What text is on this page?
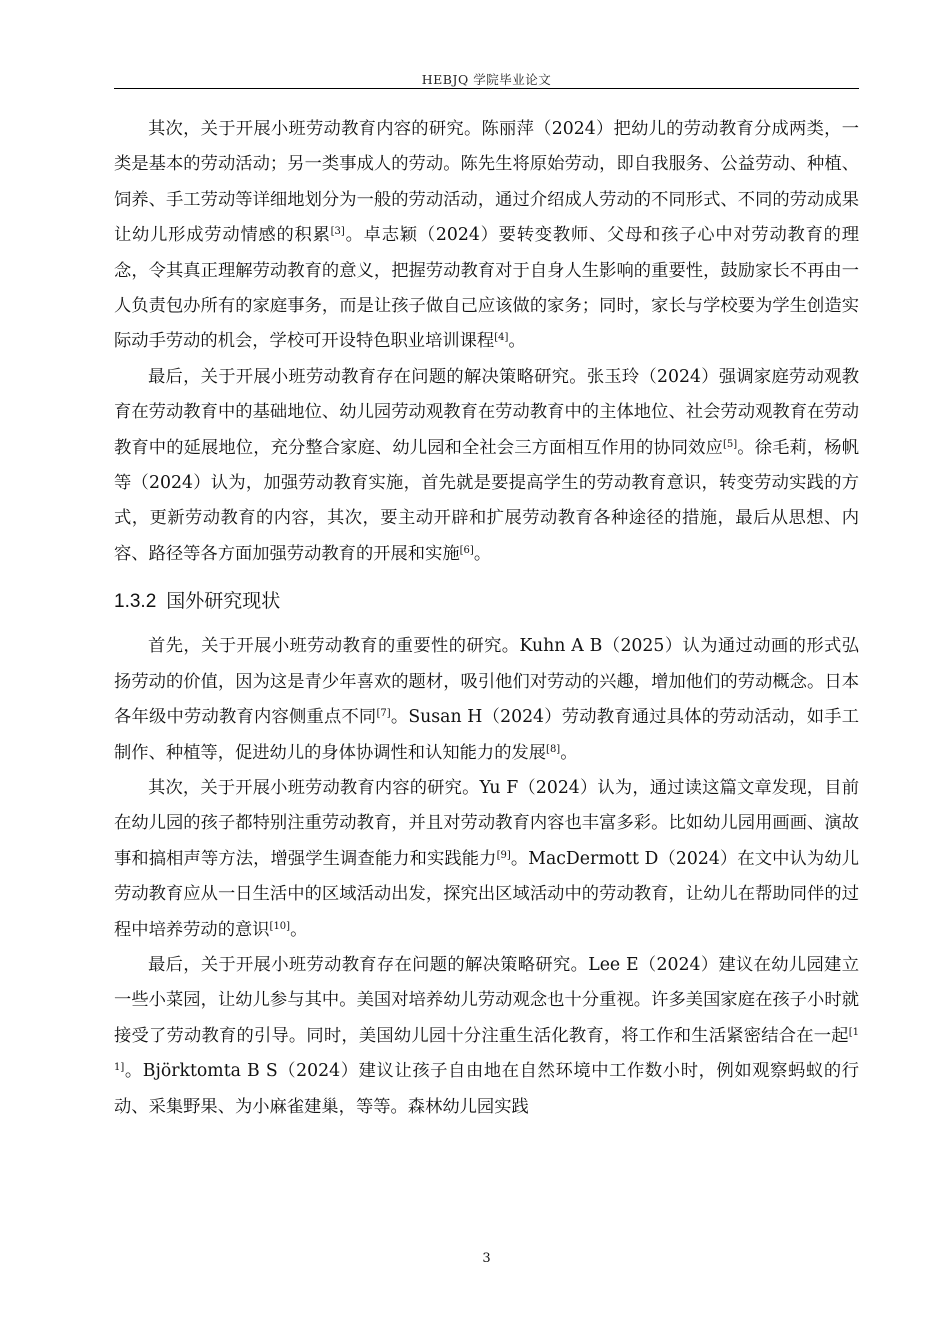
HEBJQ 学院毕业论文

其次，关于开展小班劳动教育内容的研究。陈丽萍（2024）把幼儿的劳动教育分成两类，一类是基本的劳动活动；另一类事成人的劳动。陈先生将原始劳动，即自我服务、公益劳动、种植、饲养、手工劳动等详细地划分为一般的劳动活动，通过介绍成人劳动的不同形式、不同的劳动成果让幼儿形成劳动情感的积累[3]。卓志颖（2024）要转变教师、父母和孩子心中对劳动教育的理念，令其真正理解劳动教育的意义，把握劳动教育对于自身人生影响的重要性，鼓励家长不再由一人负责包办所有的家庭事务，而是让孩子做自己应该做的家务；同时，家长与学校要为学生创造实际动手劳动的机会，学校可开设特色职业培训课程[4]。

最后，关于开展小班劳动教育存在问题的解决策略研究。张玉玲（2024）强调家庭劳动观教育在劳动教育中的基础地位、幼儿园劳动观教育在劳动教育中的主体地位、社会劳动观教育在劳动教育中的延展地位，充分整合家庭、幼儿园和全社会三方面相互作用的协同效应[5]。徐毛莉，杨帆等（2024）认为，加强劳动教育实施，首先就是要提高学生的劳动教育意识，转变劳动实践的方式，更新劳动教育的内容，其次，要主动开辟和扩展劳动教育各种途径的措施，最后从思想、内容、路径等各方面加强劳动教育的开展和实施[6]。

1.3.2 国外研究现状

首先，关于开展小班劳动教育的重要性的研究。Kuhn A B（2025）认为通过动画的形式弘扬劳动的价值，因为这是青少年喜欢的题材，吸引他们对劳动的兴趣，增加他们的劳动概念。日本各年级中劳动教育内容侧重点不同[7]。Susan H（2024）劳动教育通过具体的劳动活动，如手工制作、种植等，促进幼儿的身体协调性和认知能力的发展[8]。

其次，关于开展小班劳动教育内容的研究。Yu F（2024）认为，通过读这篇文章发现，目前在幼儿园的孩子都特别注重劳动教育，并且对劳动教育内容也丰富多彩。比如幼儿园用画画、演故事和搞相声等方法，增强学生调查能力和实践能力[9]。MacDermott D（2024）在文中认为幼儿劳动教育应从一日生活中的区域活动出发，探究出区域活动中的劳动教育，让幼儿在帮助同伴的过程中培养劳动的意识[10]。

最后，关于开展小班劳动教育存在问题的解决策略研究。Lee E（2024）建议在幼儿园建立一些小菜园，让幼儿参与其中。美国对培养幼儿劳动观念也十分重视。许多美国家庭在孩子小时就接受了劳动教育的引导。同时，美国幼儿园十分注重生活化教育，将工作和生活紧密结合在一起[11]。Björktomta B S（2024）建议让孩子自由地在自然环境中工作数小时，例如观察蚂蚁的行动、采集野果、为小麻雀建巢，等等。森林幼儿园实践

3
